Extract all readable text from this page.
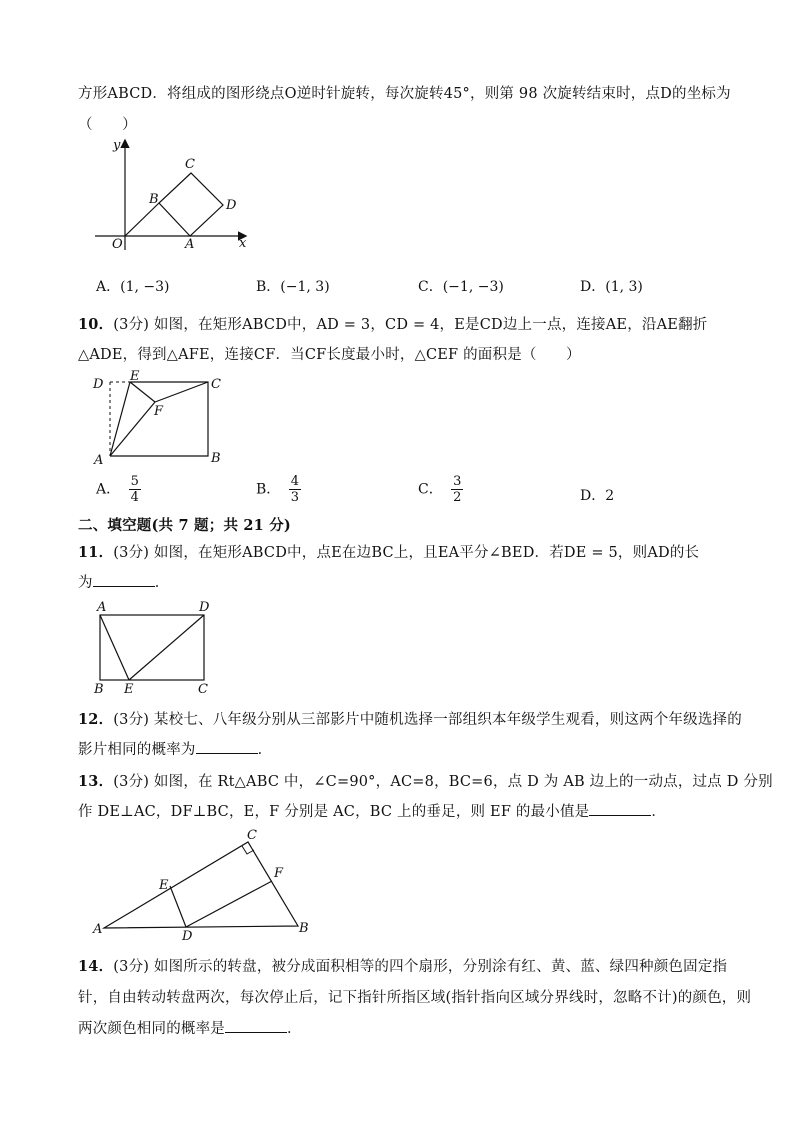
方形ABCD．将组成的图形绕点O逆时针旋转，每次旋转45°，则第 98 次旋转结束时，点D的坐标为
（　　）
y
x
O	A
B
C
D
A．(1, −3)	B．(−1, 3)	C．(−1, −3)	D．(1, 3)
10．(3分) 如图，在矩形ABCD中，AD = 3，CD = 4，E是CD边上一点，连接AE，沿AE翻折
△ADE，得到△AFE，连接CF．当CF长度最小时，△CEF 的面积是（　　）
D
E
C
F
A	B
A． $\frac{5}{4}$	B． $\frac{4}{3}$	C． $\frac{3}{2}$	D．2
二、填空题(共 7 题；共 21 分)
11．(3分) 如图，在矩形ABCD中，点E在边BC上，且EA平分∠BED．若DE = 5，则AD的长
为	．
A	D
B E	C
12．(3分) 某校七、八年级分别从三部影片中随机选择一部组织本年级学生观看，则这两个年级选择的
影片相同的概率为	．
13．(3分) 如图，在 Rt△ABC 中，∠C=90°，AC=8，BC=6，点 D 为 AB 边上的一动点，过点 D 分别
作 DE⊥AC，DF⊥BC，E，F 分别是 AC，BC 上的垂足，则 EF 的最小值是	．
C
E
F
A	D
B
14．(3分) 如图所示的转盘，被分成面积相等的四个扇形，分别涂有红、黄、蓝、绿四种颜色固定指
针，自由转动转盘两次，每次停止后，记下指针所指区域(指针指向区域分界线时，忽略不计)的颜色，则
两次颜色相同的概率是	．
